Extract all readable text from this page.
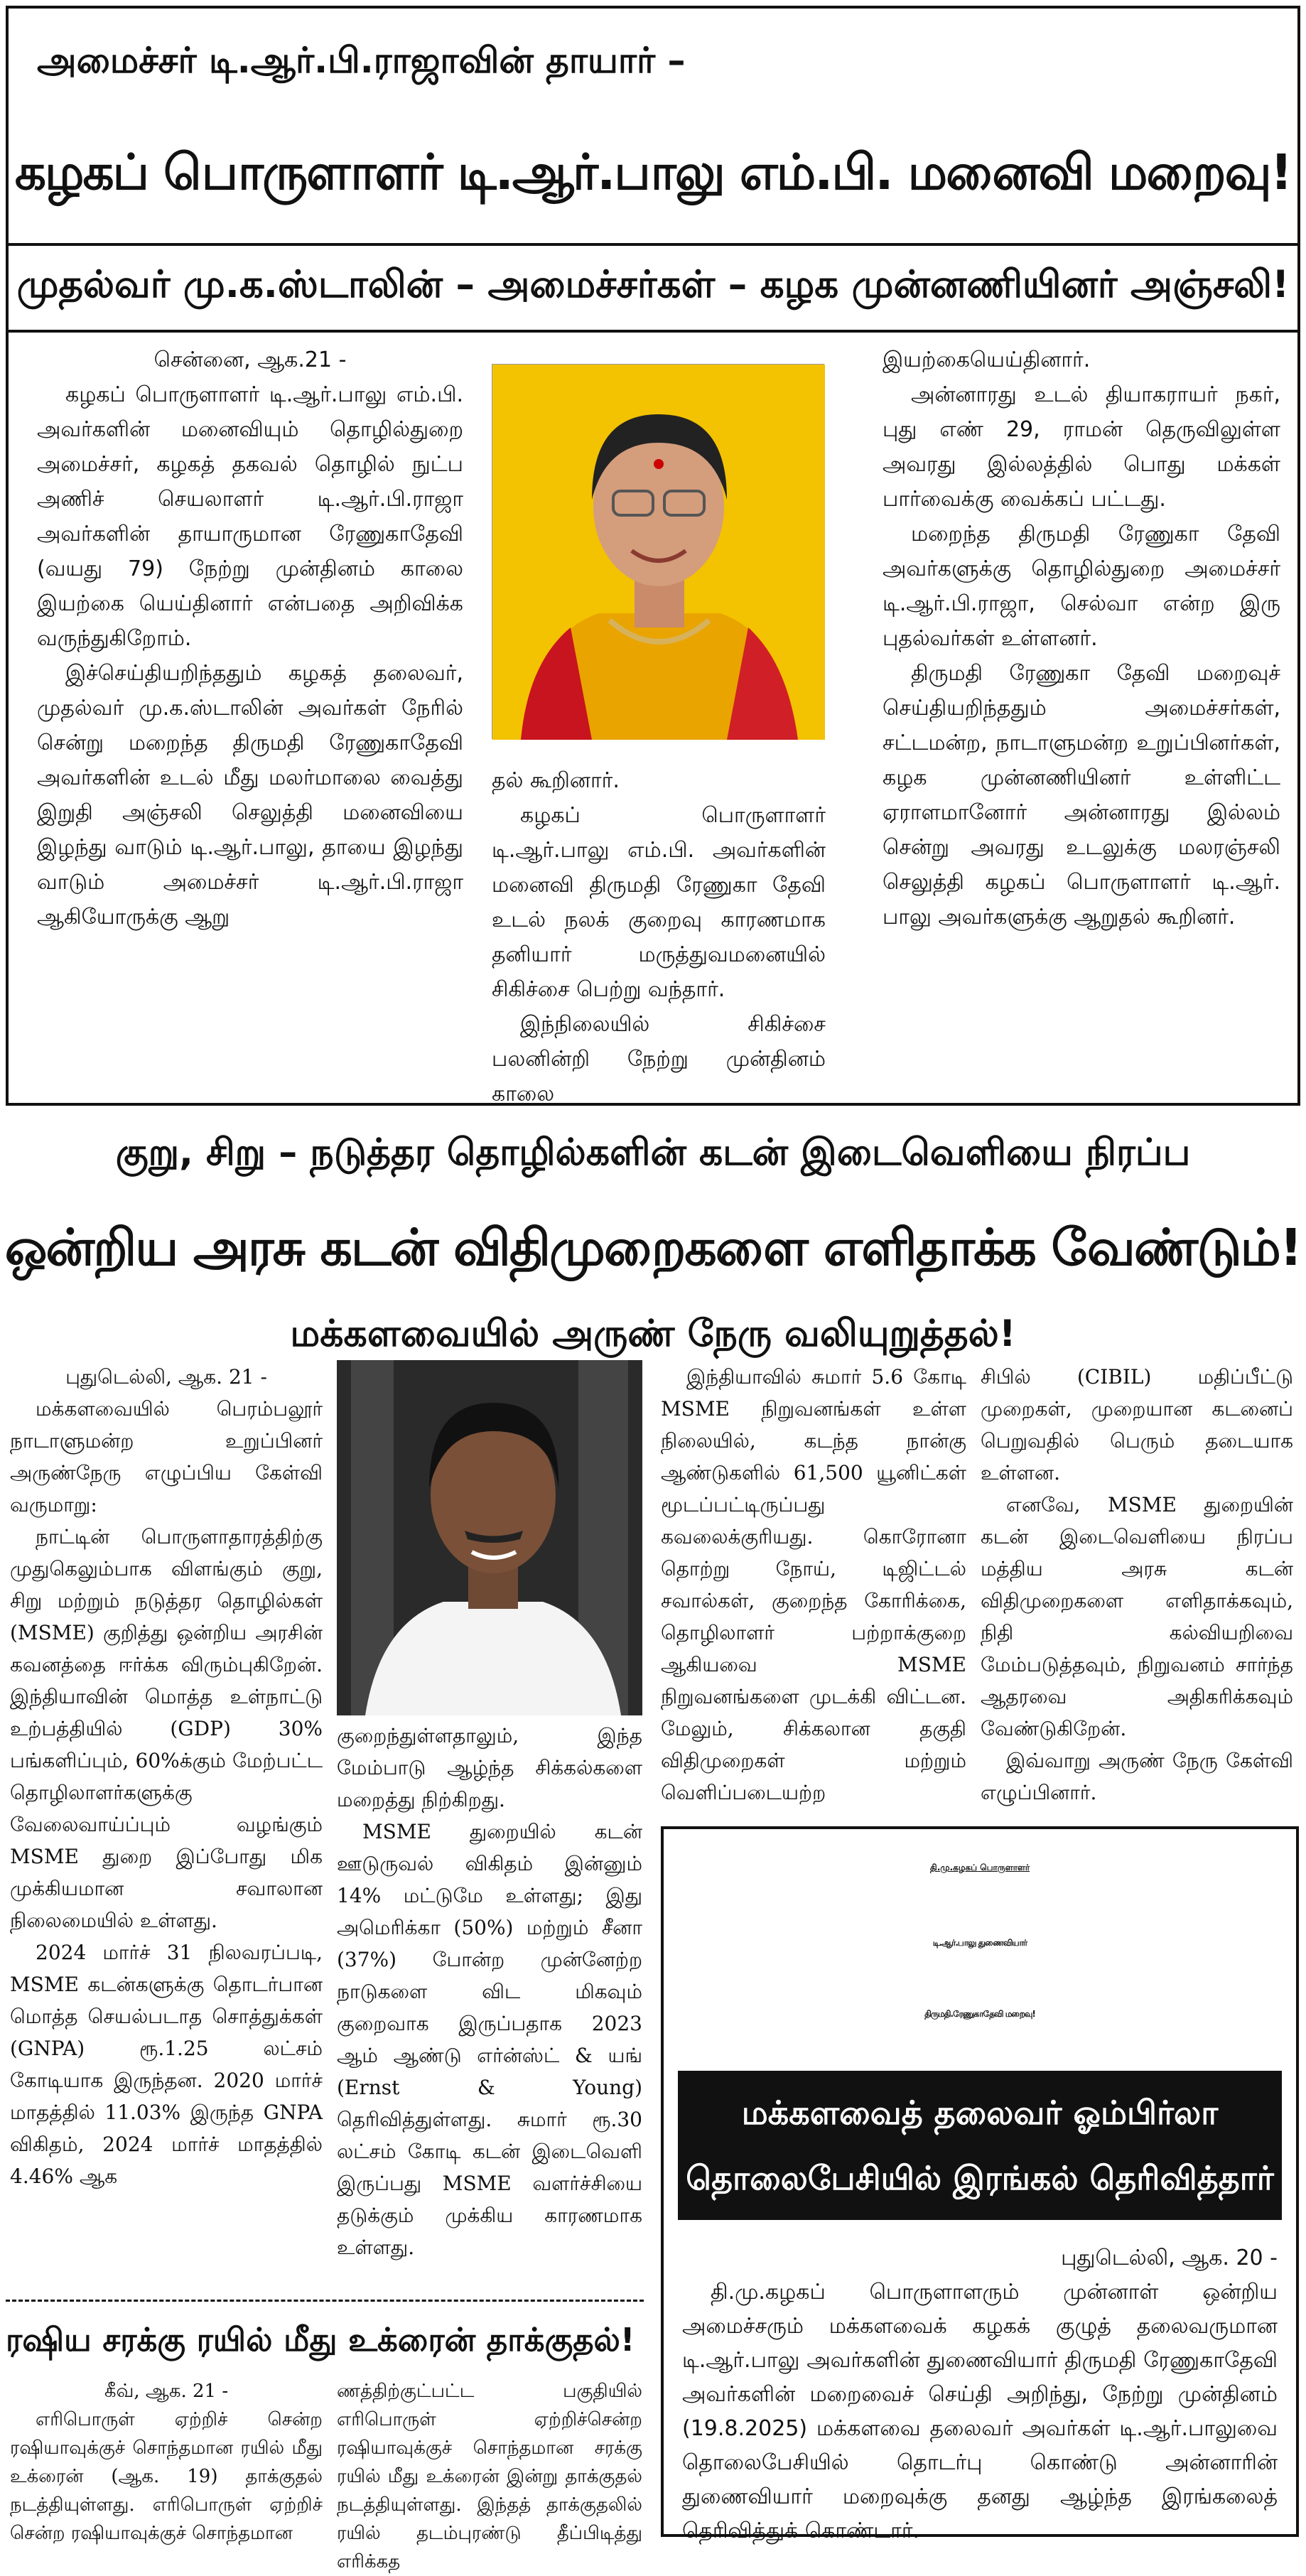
அமைச்சர் டி.ஆர்.பி.ராஜாவின் தாயார் –
கழகப் பொருளாளர் டி.ஆர்.பாலு எம்.பி. மனைவி மறைவு!
முதல்வர் மு.க.ஸ்டாலின் – அமைச்சர்கள் – கழக முன்னணியினர் அஞ்சலி!

சென்னை, ஆக.21 -

கழகப் பொருளாளர் டி.ஆர்.பாலு எம்.பி. அவர்களின் மனைவியும் தொழில்துறை அமைச்சர், கழகத் தகவல் தொழில் நுட்ப அணிச் செயலாளர் டி.ஆர்.பி.ராஜா அவர்களின் தாயாருமான ரேணுகாதேவி (வயது 79) நேற்று முன்தினம் காலை இயற்கை யெய்தினார் என்பதை அறிவிக்க வருந்துகிறோம்.

இச்செய்தியறிந்ததும் கழகத் தலைவர், முதல்வர் மு.க.ஸ்டாலின் அவர்கள் நேரில் சென்று மறைந்த திருமதி ரேணுகாதேவி அவர்களின் உடல் மீது மலர்மாலை வைத்து இறுதி அஞ்சலி செலுத்தி மனைவியை இழந்து வாடும் டி.ஆர்.பாலு, தாயை இழந்து வாடும் அமைச்சர் டி.ஆர்.பி.ராஜா ஆகியோருக்கு ஆறு

தல் கூறினார்.

கழகப் பொருளாளர் டி.ஆர்.பாலு எம்.பி. அவர்களின் மனைவி திருமதி ரேணுகா தேவி உடல் நலக் குறைவு காரணமாக தனியார் மருத்துவமனையில் சிகிச்சை பெற்று வந்தார்.

இந்நிலையில் சிகிச்சை பலனின்றி நேற்று முன்தினம் காலை

இயற்கையெய்தினார்.

அன்னாரது உடல் தியாகராயர் நகர், புது எண் 29, ராமன் தெருவிலுள்ள அவரது இல்லத்தில் பொது மக்கள் பார்வைக்கு வைக்கப் பட்டது.

மறைந்த திருமதி ரேணுகா தேவி அவர்களுக்கு தொழில்துறை அமைச்சர் டி.ஆர்.பி.ராஜா, செல்வா என்ற இரு புதல்வர்கள் உள்ளனர்.

திருமதி ரேணுகா தேவி மறைவுச் செய்தியறிந்ததும் அமைச்சர்கள், சட்டமன்ற, நாடாளுமன்ற உறுப்பினர்கள், கழக முன்னணியினர் உள்ளிட்ட ஏராளமானோர் அன்னாரது இல்லம் சென்று அவரது உடலுக்கு மலரஞ்சலி செலுத்தி கழகப் பொருளாளர் டி.ஆர். பாலு அவர்களுக்கு ஆறுதல் கூறினர்.

குறு, சிறு – நடுத்தர தொழில்களின் கடன் இடைவெளியை நிரப்ப
ஒன்றிய அரசு கடன் விதிமுறைகளை எளிதாக்க வேண்டும்!
மக்களவையில் அருண் நேரு வலியுறுத்தல்!

புதுடெல்லி, ஆக. 21 -

மக்களவையில் பெரம்பலூர் நாடாளுமன்ற உறுப்பினர் அருண்நேரு எழுப்பிய கேள்வி வருமாறு:

நாட்டின் பொருளாதாரத்திற்கு முதுகெலும்பாக விளங்கும் குறு, சிறு மற்றும் நடுத்தர தொழில்கள் (MSME) குறித்து ஒன்றிய அரசின் கவனத்தை ஈர்க்க விரும்புகிறேன். இந்தியாவின் மொத்த உள்நாட்டு உற்பத்தியில் (GDP) 30% பங்களிப்பும், 60%க்கும் மேற்பட்ட தொழிலாளர்களுக்கு வேலைவாய்ப்பும் வழங்கும் MSME துறை இப்போது மிக முக்கியமான சவாலான நிலைமையில் உள்ளது.

2024 மார்ச் 31 நிலவரப்படி, MSME கடன்களுக்கு தொடர்பான மொத்த செயல்படாத சொத்துக்கள் (GNPA) ரூ.1.25 லட்சம் கோடியாக இருந்தன. 2020 மார்ச் மாதத்தில் 11.03% இருந்த GNPA விகிதம், 2024 மார்ச் மாதத்தில் 4.46% ஆக

குறைந்துள்ளதாலும், இந்த மேம்பாடு ஆழ்ந்த சிக்கல்களை மறைத்து நிற்கிறது.

MSME துறையில் கடன் ஊடுருவல் விகிதம் இன்னும் 14% மட்டுமே உள்ளது; இது அமெரிக்கா (50%) மற்றும் சீனா (37%) போன்ற முன்னேற்ற நாடுகளை விட மிகவும் குறைவாக இருப்பதாக 2023 ஆம் ஆண்டு எர்ன்ஸ்ட் & யங் (Ernst & Young) தெரிவித்துள்ளது. சுமார் ரூ.30 லட்சம் கோடி கடன் இடைவெளி இருப்பது MSME வளர்ச்சியை தடுக்கும் முக்கிய காரணமாக உள்ளது.

இந்தியாவில் சுமார் 5.6 கோடி MSME நிறுவனங்கள் உள்ள நிலையில், கடந்த நான்கு ஆண்டுகளில் 61,500 யூனிட்கள் மூடப்பட்டிருப்பது கவலைக்குரியது. கொரோனா தொற்று நோய், டிஜிட்டல் சவால்கள், குறைந்த கோரிக்கை, தொழிலாளர் பற்றாக்குறை ஆகியவை MSME நிறுவனங்களை முடக்கி விட்டன. மேலும், சிக்கலான தகுதி விதிமுறைகள் மற்றும் வெளிப்படையற்ற

சிபில் (CIBIL) மதிப்பீட்டு முறைகள், முறையான கடனைப் பெறுவதில் பெரும் தடையாக உள்ளன.

எனவே, MSME துறையின் கடன் இடைவெளியை நிரப்ப மத்திய அரசு கடன் விதிமுறைகளை எளிதாக்கவும், நிதி கல்வியறிவை மேம்படுத்தவும், நிறுவனம் சார்ந்த ஆதரவை அதிகரிக்கவும் வேண்டுகிறேன்.

இவ்வாறு அருண் நேரு கேள்வி எழுப்பினார்.

ரஷிய சரக்கு ரயில் மீது உக்ரைன் தாக்குதல்!

கீவ், ஆக. 21 -

எரிபொருள் ஏற்றிச் சென்ற ரஷியாவுக்குச் சொந்தமான ரயில் மீது உக்ரைன் (ஆக. 19) தாக்குதல் நடத்தியுள்ளது. எரிபொருள் ஏற்றிச் சென்ற ரஷியாவுக்குச் சொந்தமான

ணத்திற்குட்பட்ட பகுதியில் எரிபொருள் ஏற்றிச்சென்ற ரஷியாவுக்குச் சொந்தமான சரக்கு ரயில் மீது உக்ரைன் இன்று தாக்குதல் நடத்தியுள்ளது. இந்தத் தாக்குதலில் ரயில் தடம்புரண்டு தீப்பிடித்து எரிக்கத

தி.மு.கழகப் பொருளாளர்
டி.ஆர்.பாலு துணைவியார்
திருமதி.ரேணுகாதேவி மறைவு!
மக்களவைத் தலைவர் ஓம்பிர்லா
தொலைபேசியில் இரங்கல் தெரிவித்தார்

புதுடெல்லி, ஆக. 20 -

தி.மு.கழகப் பொருளாளரும் முன்னாள் ஒன்றிய அமைச்சரும் மக்களவைக் கழகக் குழுத் தலைவருமான டி.ஆர்.பாலு அவர்களின் துணைவியார் திருமதி ரேணுகாதேவி அவர்களின் மறைவைச் செய்தி அறிந்து, நேற்று முன்தினம் (19.8.2025) மக்களவை தலைவர் அவர்கள் டி.ஆர்.பாலுவை தொலைபேசியில் தொடர்பு கொண்டு அன்னாரின் துணைவியார் மறைவுக்கு தனது ஆழ்ந்த இரங்கலைத் தெரிவித்துக் கொண்டார்.
